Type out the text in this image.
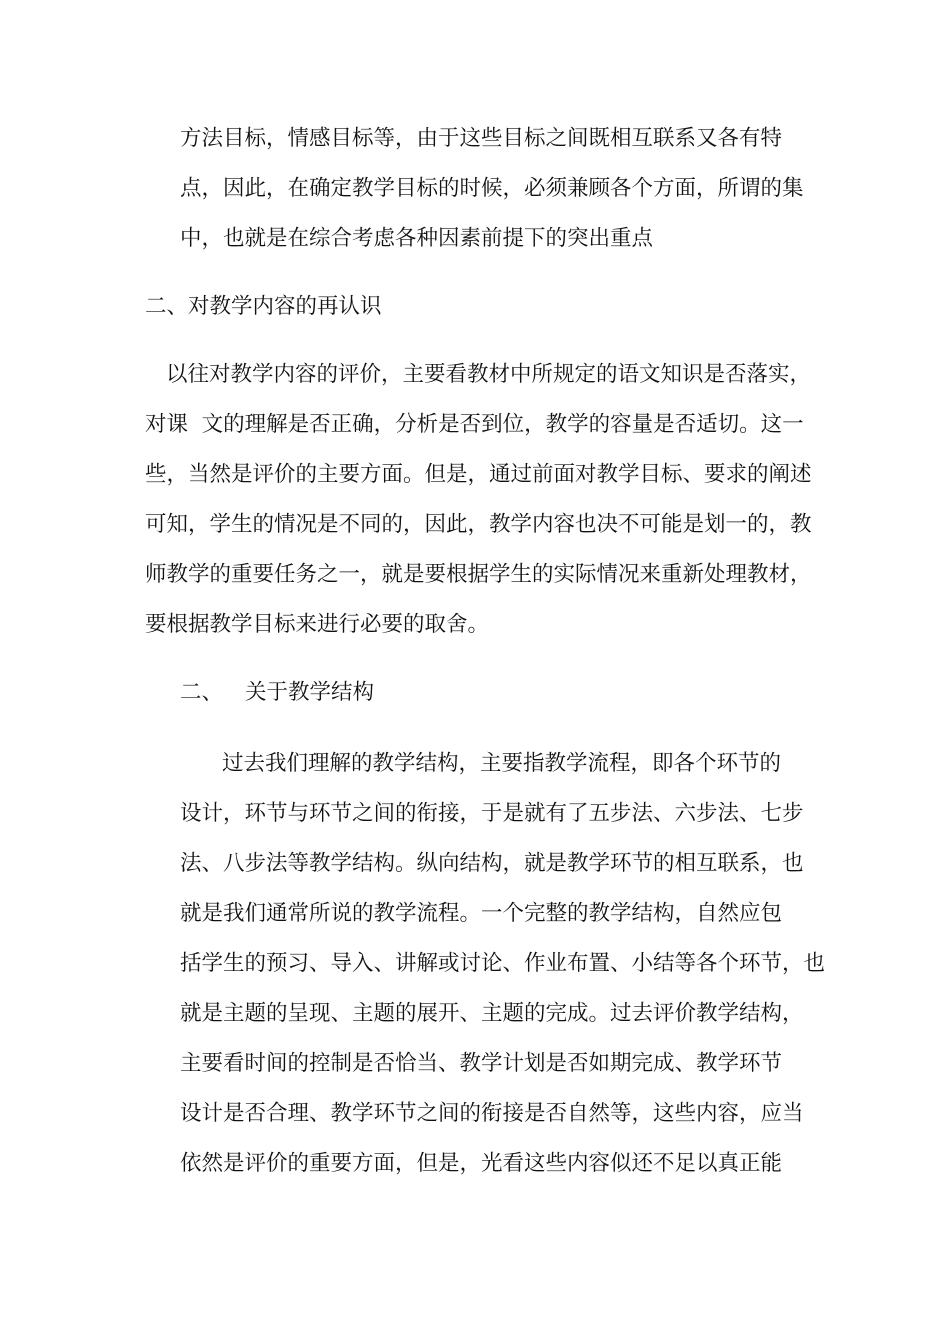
方法目标，情感目标等，由于这些目标之间既相互联系又各有特
点，因此，在确定教学目标的时候，必须兼顾各个方面，所谓的集
中，也就是在综合考虑各种因素前提下的突出重点
二、对教学内容的再认识
以往对教学内容的评价，主要看教材中所规定的语文知识是否落实，
对课  文的理解是否正确，分析是否到位，教学的容量是否适切。这一
些，当然是评价的主要方面。但是，通过前面对教学目标、要求的阐述
可知，学生的情况是不同的，因此，教学内容也决不可能是划一的，教
师教学的重要任务之一，就是要根据学生的实际情况来重新处理教材，
要根据教学目标来进行必要的取舍。
二、 关于教学结构
过去我们理解的教学结构，主要指教学流程，即各个环节的
设计，环节与环节之间的衔接，于是就有了五步法、六步法、七步
法、八步法等教学结构。纵向结构，就是教学环节的相互联系，也
就是我们通常所说的教学流程。一个完整的教学结构，自然应包
括学生的预习、导入、讲解或讨论、作业布置、小结等各个环节，也
就是主题的呈现、主题的展开、主题的完成。过去评价教学结构，
主要看时间的控制是否恰当、教学计划是否如期完成、教学环节
设计是否合理、教学环节之间的衔接是否自然等，这些内容，应当
依然是评价的重要方面，但是，光看这些内容似还不足以真正能
